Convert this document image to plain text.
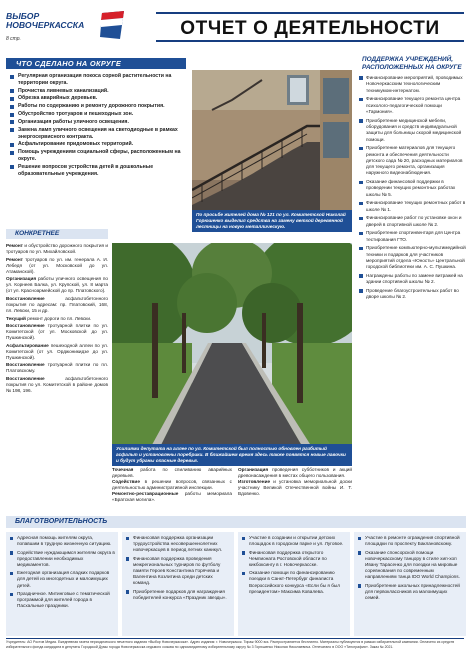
ВЫБОР
НОВОЧЕРКАССКА
8 стр.	ОТЧЕТ О ДЕЯТЕЛЬНОСТИ
ЧТО СДЕЛАНО НА ОКРУГЕ
Регулярная организация покоса сорной растительности на территории округа.
Прочистка ливневых канализаций.
Обрезка аварийных деревьев.
Работы по содержанию и ремонту дорожного покрытия.
Обустройство тротуаров и пешеходных зон.
Организация работы уличного освещения.
Замена ламп уличного освещения на светодиодные в рамках энергосервисного контракта.
Асфальтирование придомовых территорий.
Помощь учреждениям социальной сферы, расположенным на округе.
Решение вопросов устройства детей в дошкольные образовательные учреждения.
По просьбе жителей дома № 121 по ул. Комитетской Николай Горюшенко выделил средства на замену ветхой деревянной лестницы на новую металлическую.
ПОДДЕРЖКА УЧРЕЖДЕНИЙ, РАСПОЛОЖЕННЫХ НА ОКРУГЕ
Финансирование мероприятий, проводимых Новочеркасским технологическим техникумом-интернатом.
Финансирование текущего ремонта центра психолого-педагогической помощи «Гармония».
Приобретение медицинской мебели, оборудования и средств индивидуальной защиты для больницы скорой медицинской помощи.
Приобретение материалов для текущего ремонта и обеспечения деятельности детского сада № 20, расходных материалов для текущего ремонта, организация наружного видеонаблюдения.
Оказание финансовой поддержки в проведении текущих ремонтных работах школы № 5.
Финансирование текущих ремонтных работ в школе № 1.
Финансирование работ по установке окон и дверей в спортивной школе № 2.
Приобретение спортинвентаря для Центра тестирования ГТО.
Приобретение компьютерно-мультимедийной техники и подарков для участников мероприятий отдела «Юность» Центральной городской библиотеки им. А. С. Пушкина.
Награждены работы по замене витражей на здании спортивной школы № 2.
Проведение благоустроительных работ во дворе школы № 2.
КОНКРЕТНЕЕ

Ремонт и обустройство дорожного покрытия и тротуаров по ул. Михайловской.

Ремонт тротуаров по ул. им. генерала А. И. Лебедя (от ул. Московской до ул. Атаманской).

Организация работы уличного освещения по ул. Корнеев Балка, ул. Крупской, ул. 8 марта (от ул. Красноармейской до пр. Платовского).

Восстановление асфальтобетонного покрытия по адресам: пр. Платовский, 168, пл. Левски, 15 и др.

Текущий ремонт дороги по пл. Левски.

Восстановление тротуарной плитки по ул. Комитетской (от ул. Московской до ул. Пушкинской).

Асфальтирование пешеходной аллеи по ул. Комитетской (от ул. Орджоникидзе до ул. Пушкинской).

Восстановление тротуарной плитки по пл. Платовскому.

Восстановление асфальтобетонного покрытия по ул. Комитетской в районе домов № 198, 196.

Усилиями депутата на аллее по ул. Комитетской был полностью обновлен разбитый асфальт и установлены поребрики. В ближайшем время здесь также появятся новые лавочки и будут убраны опасные деревья.

Точечная работа по спиливанию аварийных деревьев.

Содействие в решении вопросов, связанных с деятельностью административной инспекции.

Ремонтно-реставрационные работы мемориала «Братская могила».

Организация проведения субботников и акций древонасаждения в местах общего пользования.

Изготовление и установка мемориальной доски участнику Великой Отечественной войны И. Т. Вдовенко.

БЛАГОТВОРИТЕЛЬНОСТЬ
Адресная помощь жителям округа, попавшим в трудную жизненную ситуацию.
Содействие нуждающимся жителям округа в предоставлении необходимых медикаментов.
Ежегодная организация сладких подарков для детей из многодетных и малоимущих детей.
Праздничное. Митинговые с тематической программой для жителей города в Пасхальные праздники.
Финансовая поддержка организации трудоустройства несовершеннолетних новочеркасцев в период летних каникул.
Финансовая поддержка проведения межрегиональных турниров по футболу памяти Героев Константина Горячева и Валентина Козлитина среди детских команд.
Приобретение подарков для награждения победителей конкурса «Праздник звезды».
Участие в создании и открытии детских площадок в городском парке и ул. Луговое.
Финансовая поддержка открытого Чемпионата Ростовской области по кикбоксингу в г. Новочеркасске.
Оказание помощи по финансированию поездки в Санкт-Петербург финалиста Всероссийского конкурса «Если бы я был президентом» Максима Ковалева.
Участие в ремонте ограждения спортивной площадки по проспекту Баклановскому.
Оказание спонсорской помощи новочеркасскому танцору в стиле хип-хоп Ивану Тарасенко для поездки на мировые соревнования по современным направлениям танца IDO World Champions.
Приобретение школьных принадлежностей для первоклассников из малоимущих семей.
Учредитель: АО Ростов Медиа. Ежедневная газета периодического печатного издания «Выбор Новочеркасска». Адрес издания: г. Новочеркасск. Тираж 9000 экз. Распространяется бесплатно. Материалы публикуются в рамках избирательной кампании. Оплачено из средств избирательного фонда кандидата в депутаты Городской Думы города Новочеркасска седьмого созыва по одномандатному избирательному округу № 3 Горюшенко Николая Николаевича. Отпечатано в ООО «Типография». Заказ № 2021.
